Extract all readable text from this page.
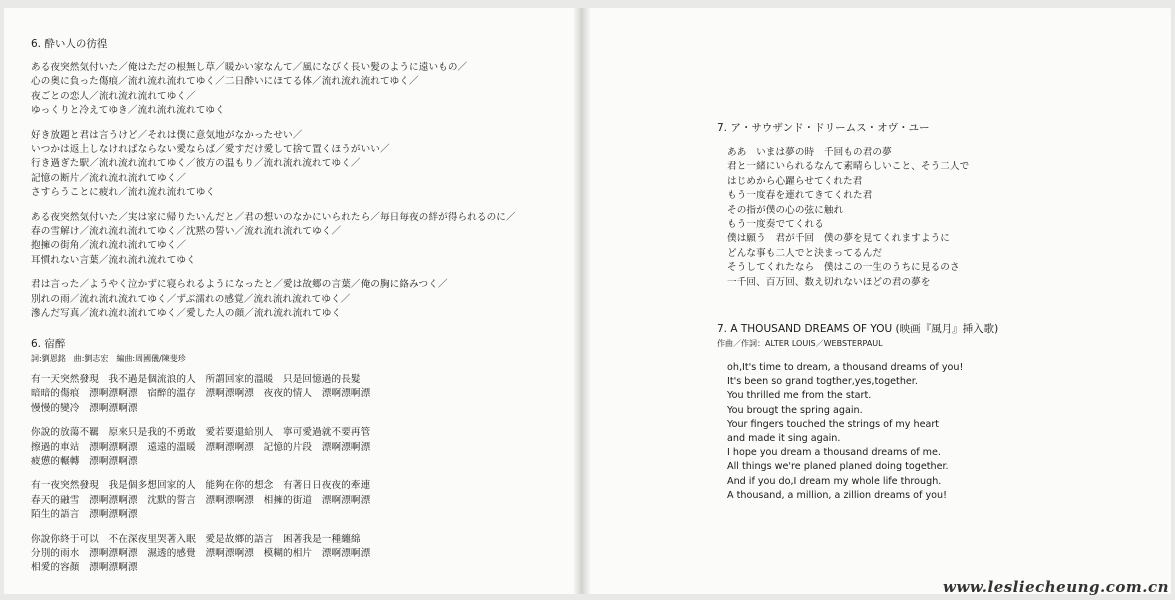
6. 酔い人の彷徨
ある夜突然気付いた／俺はただの根無し草／暖かい家なんて／風になびく長い髪のように遠いもの／
心の奥に負った傷痕／流れ流れ流れてゆく／二日酔いにほてる体／流れ流れ流れてゆく／
夜ごとの恋人／流れ流れ流れてゆく／
ゆっくりと冷えてゆき／流れ流れ流れてゆく
好き放題と君は言うけど／それは僕に意気地がなかったせい／
いつかは返上しなければならない愛ならば／愛すだけ愛して捨て置くほうがいい／
行き過ぎた駅／流れ流れ流れてゆく／彼方の温もり／流れ流れ流れてゆく／
記憶の断片／流れ流れ流れてゆく／
さすらうことに疲れ／流れ流れ流れてゆく
ある夜突然気付いた／実は家に帰りたいんだと／君の想いのなかにいられたら／毎日毎夜の絆が得られるのに／
春の雪解け／流れ流れ流れてゆく／沈黙の誓い／流れ流れ流れてゆく／
抱擁の街角／流れ流れ流れてゆく／
耳慣れない言葉／流れ流れ流れてゆく
君は言った／ようやく泣かずに寝られるようになったと／愛は故郷の言葉／俺の胸に絡みつく／
別れの雨／流れ流れ流れてゆく／ずぶ濡れの感覚／流れ流れ流れてゆく／
滲んだ写真／流れ流れ流れてゆく／愛した人の顔／流れ流れ流れてゆく
6. 宿醉
詞:劉恩銘　曲:劉志宏　編曲:周國儀/陳斐珍
有一天突然發現　我不過是個流浪的人　所謂回家的溫暖　只是回憶過的長髮
暗暗的傷痕　漂啊漂啊漂　宿醉的溫存　漂啊漂啊漂　夜夜的情人　漂啊漂啊漂
慢慢的變冷　漂啊漂啊漂
你說的放蕩不羈　原來只是我的不勇敢　愛若要還給別人　寧可愛過就不要再管
擦過的車站　漂啊漂啊漂　遠遠的溫暖　漂啊漂啊漂　記憶的片段　漂啊漂啊漂
疲憊的輾轉　漂啊漂啊漂
有一夜突然發現　我是個多想回家的人　能夠在你的想念　有著日日夜夜的牽連
春天的融雪　漂啊漂啊漂　沈默的誓言　漂啊漂啊漂　相擁的街道　漂啊漂啊漂
陌生的語言　漂啊漂啊漂
你說你終于可以　不在深夜里哭著入眠　愛是故鄉的語言　困著我是一種纏綿
分別的雨水　漂啊漂啊漂　濕透的感覺　漂啊漂啊漂　模糊的相片　漂啊漂啊漂
相愛的容顏　漂啊漂啊漂
7. ア・サウザンド・ドリームス・オヴ・ユー
ああ　いまは夢の時　千回もの君の夢
君と一緒にいられるなんて素晴らしいこと、そう二人で
はじめから心躍らせてくれた君
もう一度春を連れてきてくれた君
その指が僕の心の弦に触れ
もう一度奏でてくれる
僕は願う　君が千回　僕の夢を見てくれますように
どんな事も二人でと決まってるんだ
そうしてくれたなら　僕はこの一生のうちに見るのさ
一千回、百万回、数え切れないほどの君の夢を
7. A THOUSAND DREAMS OF YOU (映画『風月』挿入歌)
作曲／作詞：ALTER LOUIS／WEBSTERPAUL
oh,It's time to dream, a thousand dreams of you!
It's been so grand togther,yes,together.
You thrilled me from the start.
You brougt the spring again.
Your fingers touched the strings of my heart
and made it sing again.
I hope you dream a thousand dreams of me.
All things we're planed planed doing together.
And if you do,I dream my whole life through.
A thousand, a million, a zillion dreams of you!
www.lesliecheung.com.cn
